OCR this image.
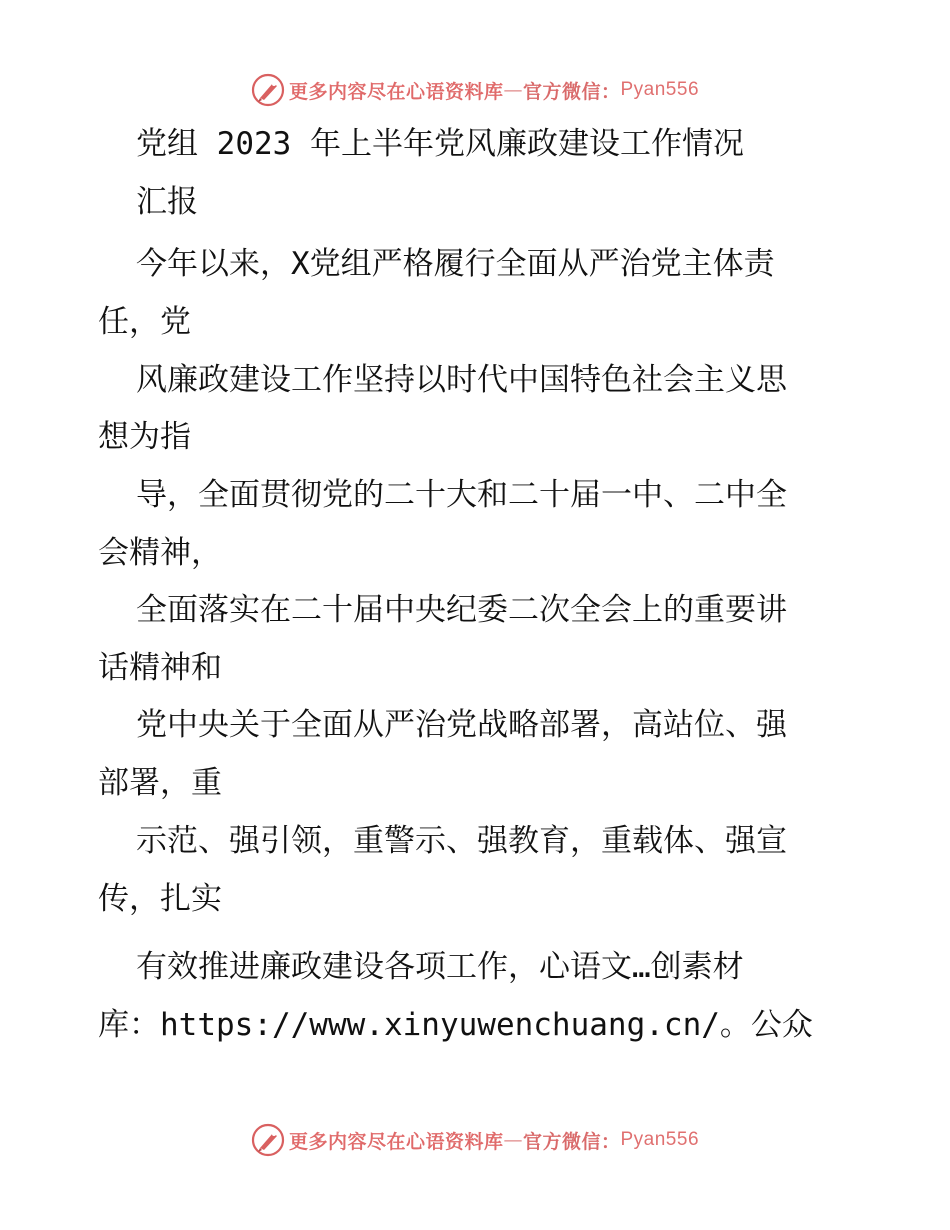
更多内容尽在心语资料库 — 官方微信： Pyan556
党组 2023 年上半年党风廉政建设工作情况
汇报
今年以来，X党组严格履行全面从严治党主体责
任，党
风廉政建设工作坚持以时代中国特色社会主义思
想为指
导，全面贯彻党的二十大和二十届一中、二中全
会精神，
全面落实在二十届中央纪委二次全会上的重要讲
话精神和
党中央关于全面从严治党战略部署，高站位、强
部署，重
示范、强引领，重警示、强教育，重载体、强宣
传，扎实
有效推进廉政建设各项工作，心语文…创素材
库：https://www.xinyuwenchuang.cn/。公众
更多内容尽在心语资料库 — 官方微信： Pyan556
